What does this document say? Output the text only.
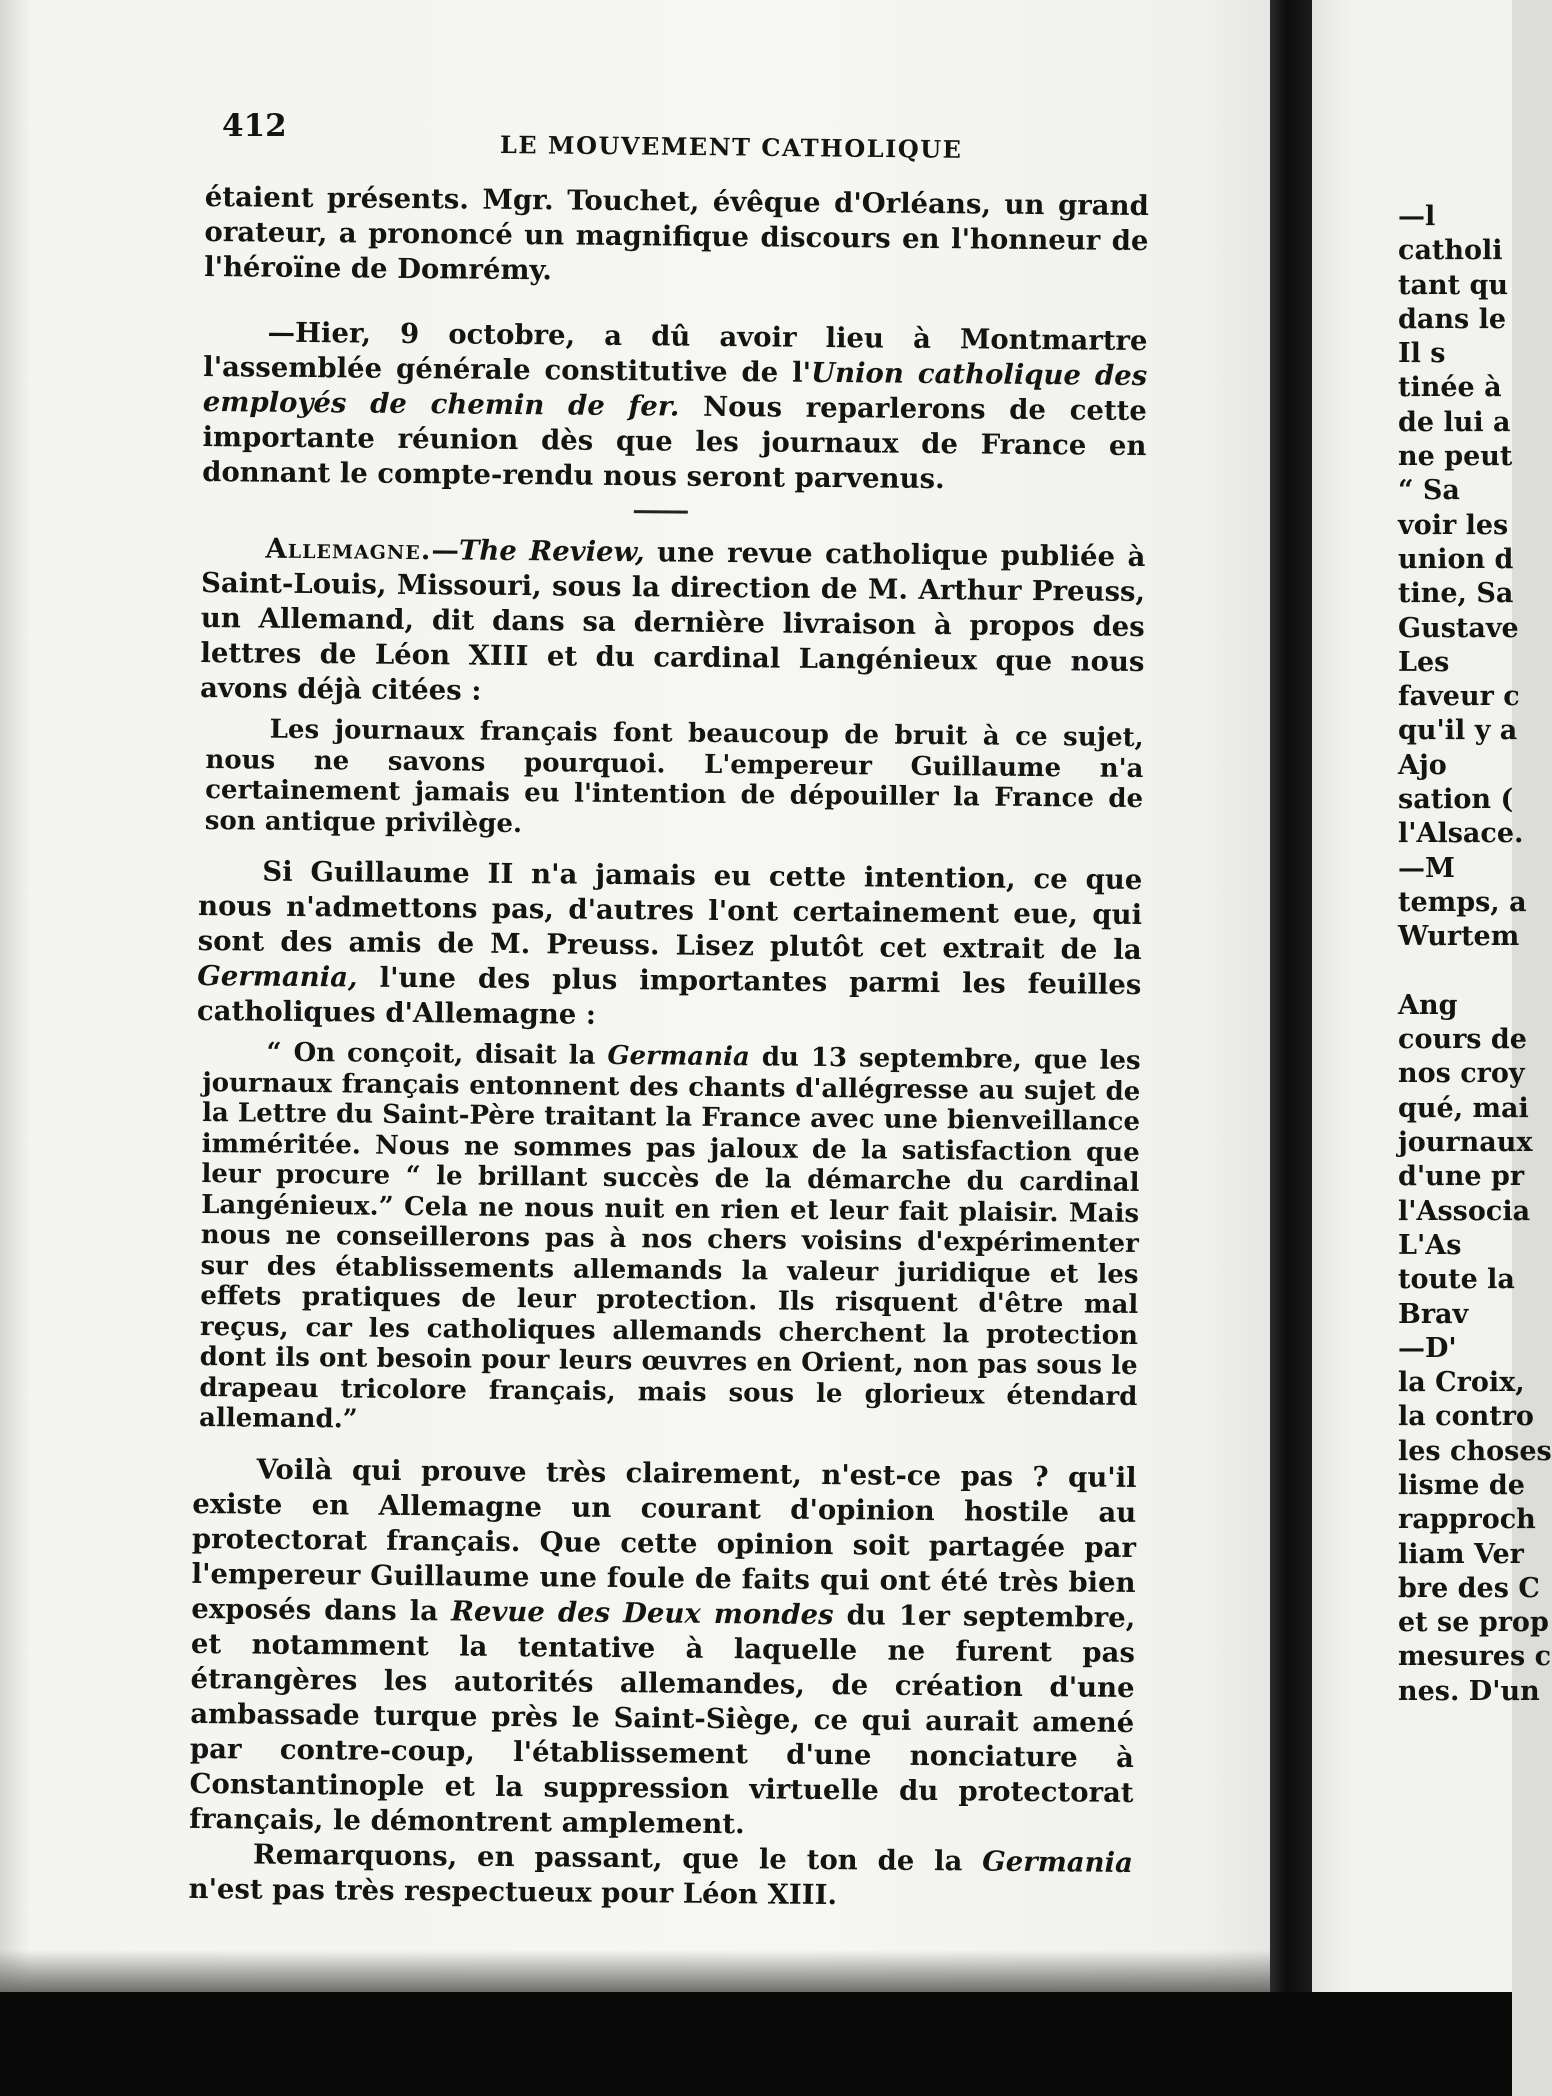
412
LE MOUVEMENT CATHOLIQUE

étaient présents. Mgr. Touchet, évêque d'Orléans, un grand orateur, a prononcé un magnifique discours en l'honneur de l'héroïne de Domrémy.

—Hier, 9 octobre, a dû avoir lieu à Montmartre l'assemblée générale constitutive de l'Union catholique des employés de chemin de fer. Nous reparlerons de cette importante réunion dès que les journaux de France en donnant le compte-rendu nous seront parvenus.

Allemagne.—The Review, une revue catholique publiée à Saint-Louis, Missouri, sous la direction de M. Arthur Preuss, un Allemand, dit dans sa dernière livraison à propos des lettres de Léon XIII et du cardinal Langénieux que nous avons déjà citées :

Les journaux français font beaucoup de bruit à ce sujet, nous ne savons pourquoi. L'empereur Guillaume n'a certainement jamais eu l'intention de dépouiller la France de son antique privilège.

Si Guillaume II n'a jamais eu cette intention, ce que nous n'admettons pas, d'autres l'ont certainement eue, qui sont des amis de M. Preuss. Lisez plutôt cet extrait de la Germania, l'une des plus importantes parmi les feuilles catholiques d'Allemagne :

“ On conçoit, disait la Germania du 13 septembre, que les journaux français entonnent des chants d'allégresse au sujet de la Lettre du Saint-Père traitant la France avec une bienveillance imméritée. Nous ne sommes pas jaloux de la satisfaction que leur procure “ le brillant succès de la démarche du cardinal Langénieux.” Cela ne nous nuit en rien et leur fait plaisir. Mais nous ne conseillerons pas à nos chers voisins d'expérimenter sur des établissements allemands la valeur juridique et les effets pratiques de leur protection. Ils risquent d'être mal reçus, car les catholiques allemands cherchent la protection dont ils ont besoin pour leurs œuvres en Orient, non pas sous le drapeau tricolore français, mais sous le glorieux étendard allemand.”

Voilà qui prouve très clairement, n'est-ce pas ? qu'il existe en Allemagne un courant d'opinion hostile au protectorat français. Que cette opinion soit partagée par l'empereur Guillaume une foule de faits qui ont été très bien exposés dans la Revue des Deux mondes du 1er septembre, et notamment la tentative à laquelle ne furent pas étrangères les autorités allemandes, de création d'une ambassade turque près le Saint-Siège, ce qui aurait amené par contre-coup, l'établissement d'une nonciature à Constantinople et la suppression virtuelle du protectorat français, le démontrent amplement.

Remarquons, en passant, que le ton de la Germania n'est pas très respectueux pour Léon XIII.

—l
catholi
tant qu
dans le
Il s
tinée à
de lui a
ne peut
“ Sa
voir les
union d
tine, Sa
Gustave
Les
faveur c
qu'il y a
Ajo
sation (
l'Alsace.
—M
temps, a
Wurtem
Ang
cours de
nos croy
qué, mai
journaux
d'une pr
l'Associa
L'As
toute la
Brav
—D'
la Croix,
la contro
les choses
lisme de
rapproch
liam Ver
bre des C
et se prop
mesures c
nes. D'un
